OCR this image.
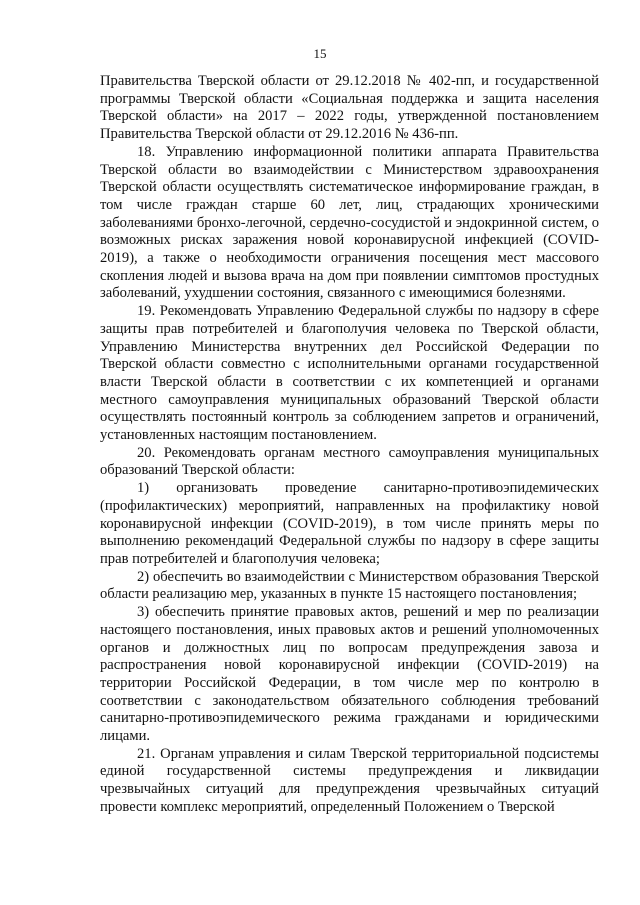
15

Правительства Тверской области от 29.12.2018 № 402-пп, и государственной программы Тверской области «Социальная поддержка и защита населения Тверской области» на 2017 – 2022 годы, утвержденной постановлением Правительства Тверской области от 29.12.2016 № 436-пп.

18. Управлению информационной политики аппарата Правительства Тверской области во взаимодействии с Министерством здравоохранения Тверской области осуществлять систематическое информирование граждан, в том числе граждан старше 60 лет, лиц, страдающих хроническими заболеваниями бронхо-легочной, сердечно-сосудистой и эндокринной систем, о возможных рисках заражения новой коронавирусной инфекцией (COVID-2019), а также о необходимости ограничения посещения мест массового скопления людей и вызова врача на дом при появлении симптомов простудных заболеваний, ухудшении состояния, связанного с имеющимися болезнями.

19. Рекомендовать Управлению Федеральной службы по надзору в сфере защиты прав потребителей и благополучия человека по Тверской области, Управлению Министерства внутренних дел Российской Федерации по Тверской области совместно с исполнительными органами государственной власти Тверской области в соответствии с их компетенцией и органами местного самоуправления муниципальных образований Тверской области осуществлять постоянный контроль за соблюдением запретов и ограничений, установленных настоящим постановлением.

20. Рекомендовать органам местного самоуправления муниципальных образований Тверской области:

1) организовать проведение санитарно-противоэпидемических (профилактических) мероприятий, направленных на профилактику новой коронавирусной инфекции (COVID-2019), в том числе принять меры по выполнению рекомендаций Федеральной службы по надзору в сфере защиты прав потребителей и благополучия человека;

2) обеспечить во взаимодействии с Министерством образования Тверской области реализацию мер, указанных в пункте 15 настоящего постановления;

3) обеспечить принятие правовых актов, решений и мер по реализации настоящего постановления, иных правовых актов и решений уполномоченных органов и должностных лиц по вопросам предупреждения завоза и распространения новой коронавирусной инфекции (COVID-2019) на территории Российской Федерации, в том числе мер по контролю в соответствии с законодательством обязательного соблюдения требований санитарно-противоэпидемического режима гражданами и юридическими лицами.

21. Органам управления и силам Тверской территориальной подсистемы единой государственной системы предупреждения и ликвидации чрезвычайных ситуаций для предупреждения чрезвычайных ситуаций провести комплекс мероприятий, определенный Положением о Тверской
